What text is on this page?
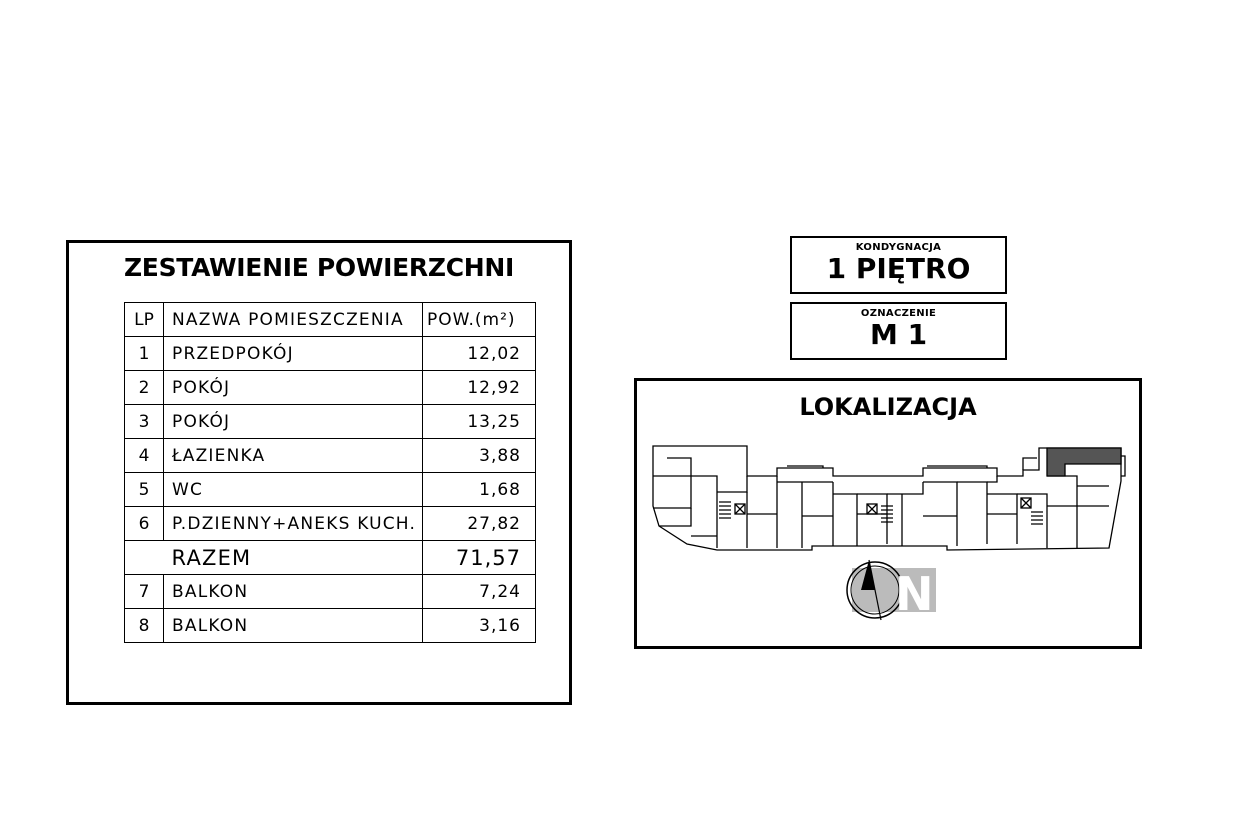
ZESTAWIENIE POWIERZCHNI
LP	NAZWA POMIESZCZENIA	POW.(m²)
1	PRZEDPOKÓJ	12,02
2	POKÓJ	12,92
3	POKÓJ	13,25
4	ŁAZIENKA	3,88
5	WC	1,68
6	P.DZIENNY+ANEKS KUCH.	27,82
	RAZEM	71,57
7	BALKON	7,24
8	BALKON	3,16
KONDYGNACJA
1 PIĘTRO
OZNACZENIE
M 1
LOKALIZACJA
N
